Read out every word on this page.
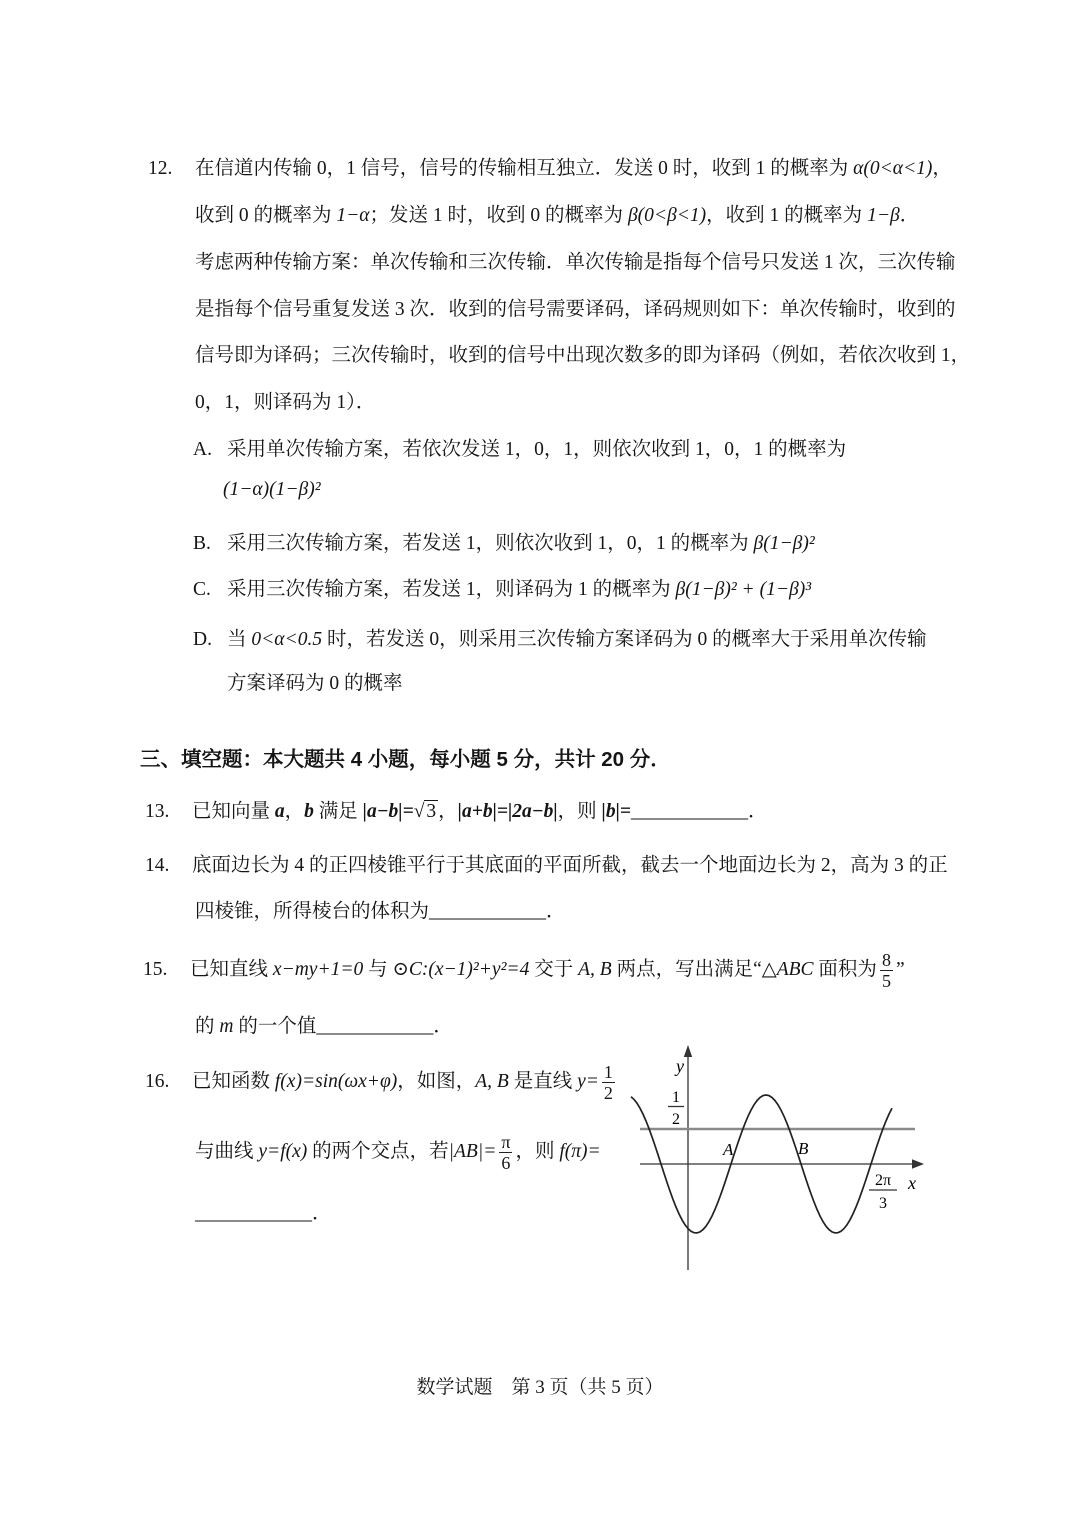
12. 在信道内传输 0，1 信号，信号的传输相互独立．发送 0 时，收到 1 的概率为 α(0<α<1)，
收到 0 的概率为 1−α；发送 1 时，收到 0 的概率为 β(0<β<1)，收到 1 的概率为 1−β．
考虑两种传输方案：单次传输和三次传输．单次传输是指每个信号只发送 1 次，三次传输
是指每个信号重复发送 3 次．收到的信号需要译码，译码规则如下：单次传输时，收到的
信号即为译码；三次传输时，收到的信号中出现次数多的即为译码（例如，若依次收到 1，
0，1，则译码为 1）．
A. 采用单次传输方案，若依次发送 1，0，1，则依次收到 1，0，1 的概率为
(1−α)(1−β)²
B. 采用三次传输方案，若发送 1，则依次收到 1，0，1 的概率为 β(1−β)²
C. 采用三次传输方案，若发送 1，则译码为 1 的概率为 β(1−β)² + (1−β)³
D. 当 0<α<0.5 时，若发送 0，则采用三次传输方案译码为 0 的概率大于采用单次传输
方案译码为 0 的概率
三、填空题：本大题共 4 小题，每小题 5 分，共计 20 分．
13. 已知向量 a，b 满足 |a−b|=√ 3 ，|a+b|=|2a−b|，则 |b|=____________．
14. 底面边长为 4 的正四棱锥平行于其底面的平面所截，截去一个地面边长为 2，高为 3 的正
四棱锥，所得棱台的体积为____________．
15. 已知直线 x−my+1=0 与 ⊙C:(x−1)²+y²=4 交于 A, B 两点，写出满足“△ABC 面积为 $\frac{8}{5}$ ”
的 m 的一个值____________．
16. 已知函数 f(x)=sin(ωx+φ)，如图，A, B 是直线 $y= \frac{1}{2}$
与曲线 y=f(x) 的两个交点，若$|AB|= \frac{\pi}{6}$ ，则 f(π)=
____________．
y
1
2
A	B
2π
3
x
数学试题　第 3 页（共 5 页）
